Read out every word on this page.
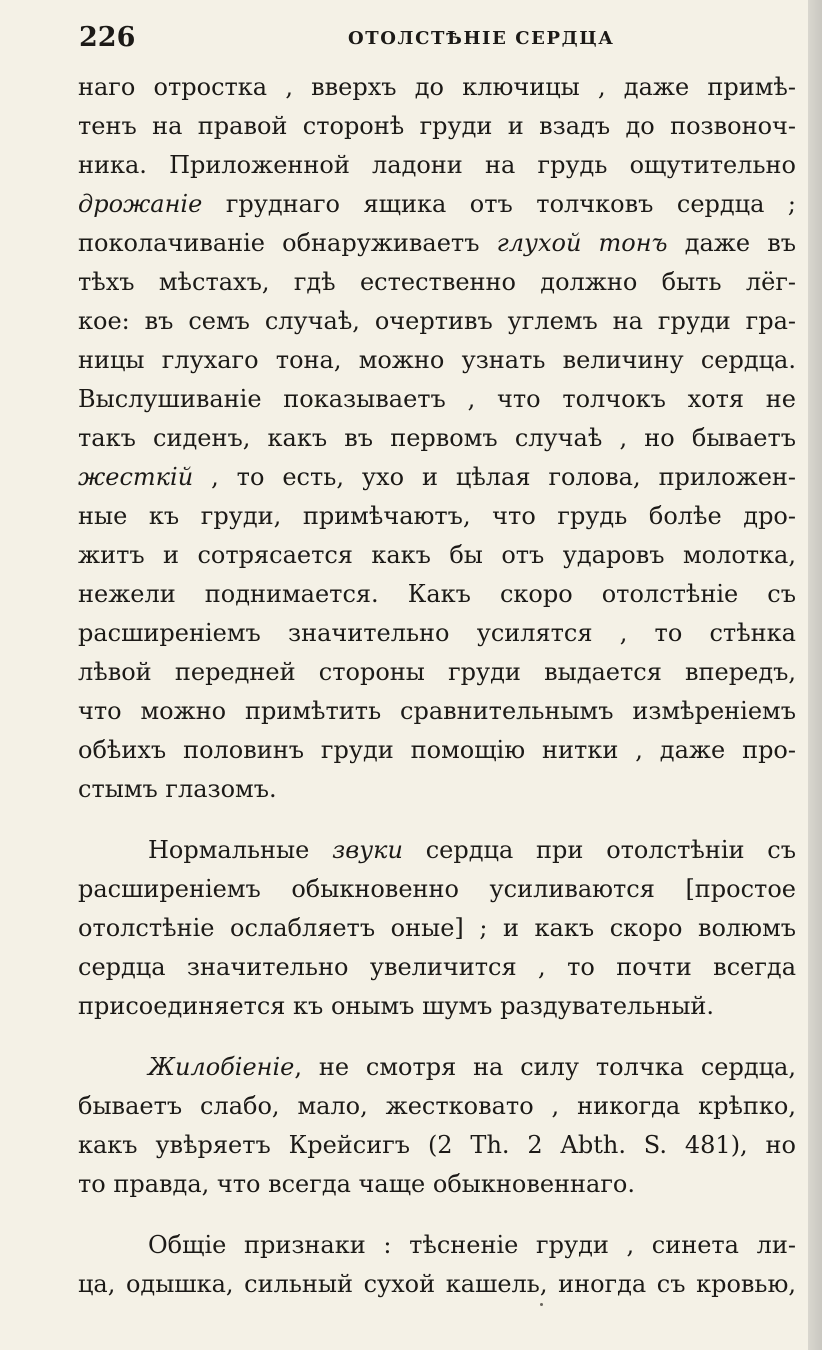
226	ОТОЛСТѢНІЕ СЕРДЦА
наго отростка , вверхъ до ключицы , даже примѣ-
тенъ на правой сторонѣ груди и взадъ до позвоноч-
ника. Приложенной ладони на грудь ощутительно
дрожаніе груднаго ящика отъ толчковъ сердца ;
поколачиваніе обнаруживаетъ глухой тонъ даже въ
тѣхъ мѣстахъ, гдѣ естественно должно быть лёг-
кое: въ семъ случаѣ, очертивъ углемъ на груди гра-
ницы глухаго тона, можно узнать величину сердца.
Выслушиваніе показываетъ , что толчокъ хотя не
такъ сиденъ, какъ въ первомъ случаѣ , но бываетъ
жесткій , то есть, ухо и цѣлая голова, приложен-
ные къ груди, примѣчаютъ, что грудь болѣе дро-
житъ и сотрясается какъ бы отъ ударовъ молотка,
нежели поднимается. Какъ скоро отолстѣніе съ
расширеніемъ значительно усилятся , то стѣнка
лѣвой передней стороны груди выдается впередъ,
что можно примѣтить сравнительнымъ измѣреніемъ
обѣихъ половинъ груди помощію нитки , даже про-
стымъ глазомъ.
Нормальные звуки сердца при отолстѣніи съ
расширеніемъ обыкновенно усиливаются [простое
отолстѣніе ослабляетъ оные] ; и какъ скоро волюмъ
сердца значительно увеличится , то почти всегда
присоединяется къ онымъ шумъ раздувательный.
Жилобіеніе, не смотря на силу толчка сердца,
бываетъ слабо, мало, жестковато , никогда крѣпко,
какъ увѣряетъ Крейсигъ (2 Th. 2 Abth. S. 481), но
то правда, что всегда чаще обыкновеннаго.
Общіе признаки : тѣсненіе груди , синета ли-
ца, одышка, сильный сухой кашель, иногда съ кровью,
